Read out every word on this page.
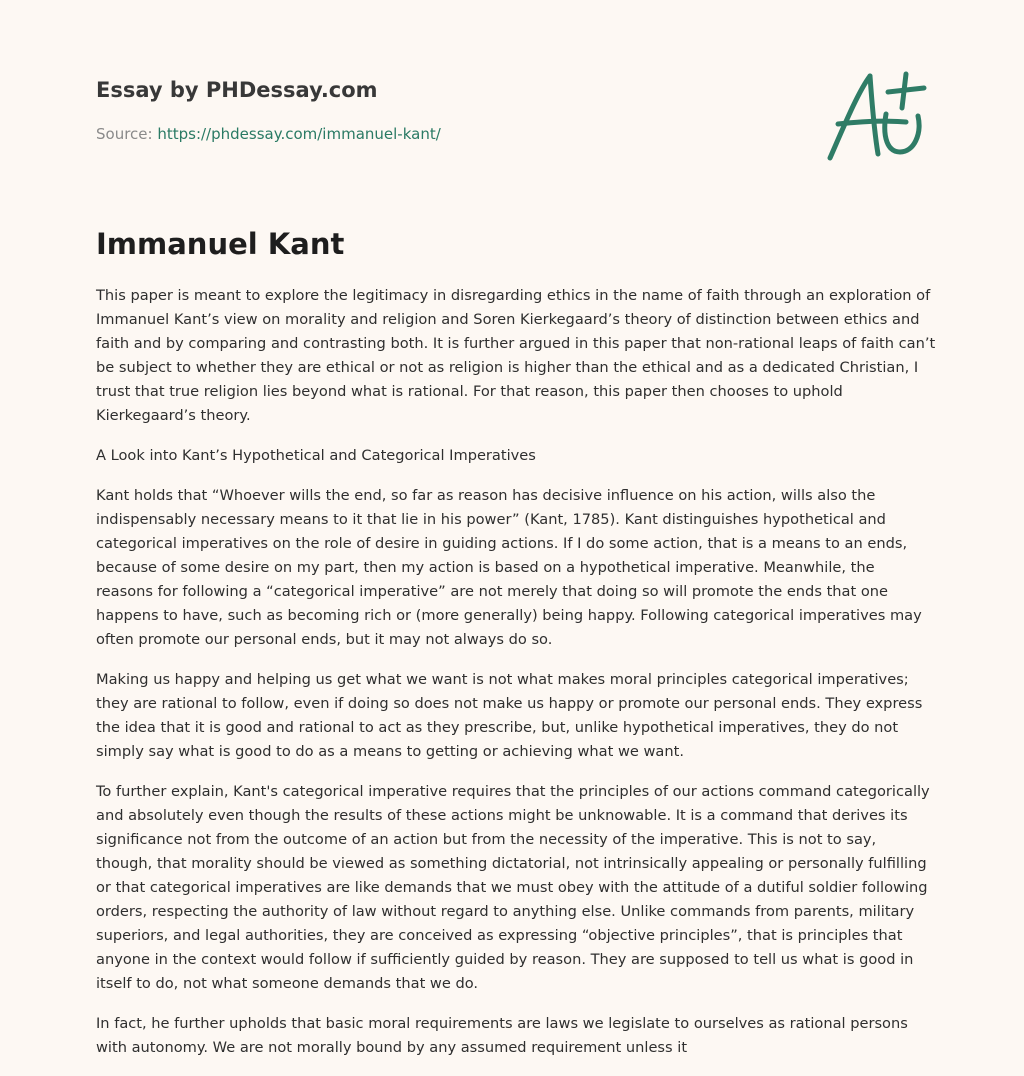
Essay by PHDessay.com
Source: https://phdessay.com/immanuel-kant/
Immanuel Kant

This paper is meant to explore the legitimacy in disregarding ethics in the name of faith through an exploration of Immanuel Kant’s view on morality and religion and Soren Kierkegaard’s theory of distinction between ethics and faith and by comparing and contrasting both. It is further argued in this paper that non-rational leaps of faith can’t be subject to whether they are ethical or not as religion is higher than the ethical and as a dedicated Christian, I trust that true religion lies beyond what is rational. For that reason, this paper then chooses to uphold Kierkegaard’s theory.

A Look into Kant’s Hypothetical and Categorical Imperatives

Kant holds that “Whoever wills the end, so far as reason has decisive influence on his action, wills also the indispensably necessary means to it that lie in his power” (Kant, 1785). Kant distinguishes hypothetical and categorical imperatives on the role of desire in guiding actions. If I do some action, that is a means to an ends, because of some desire on my part, then my action is based on a hypothetical imperative. Meanwhile, the reasons for following a “categorical imperative” are not merely that doing so will promote the ends that one happens to have, such as becoming rich or (more generally) being happy. Following categorical imperatives may often promote our personal ends, but it may not always do so.

Making us happy and helping us get what we want is not what makes moral principles categorical imperatives; they are rational to follow, even if doing so does not make us happy or promote our personal ends. They express the idea that it is good and rational to act as they prescribe, but, unlike hypothetical imperatives, they do not simply say what is good to do as a means to getting or achieving what we want.

To further explain, Kant's categorical imperative requires that the principles of our actions command categorically and absolutely even though the results of these actions might be unknowable. It is a command that derives its significance not from the outcome of an action but from the necessity of the imperative. This is not to say, though, that morality should be viewed as something dictatorial, not intrinsically appealing or personally fulfilling or that categorical imperatives are like demands that we must obey with the attitude of a dutiful soldier following orders, respecting the authority of law without regard to anything else. Unlike commands from parents, military superiors, and legal authorities, they are conceived as expressing “objective principles”, that is principles that anyone in the context would follow if sufficiently guided by reason. They are supposed to tell us what is good in itself to do, not what someone demands that we do.

In fact, he further upholds that basic moral requirements are laws we legislate to ourselves as rational persons with autonomy. We are not morally bound by any assumed requirement unless it
